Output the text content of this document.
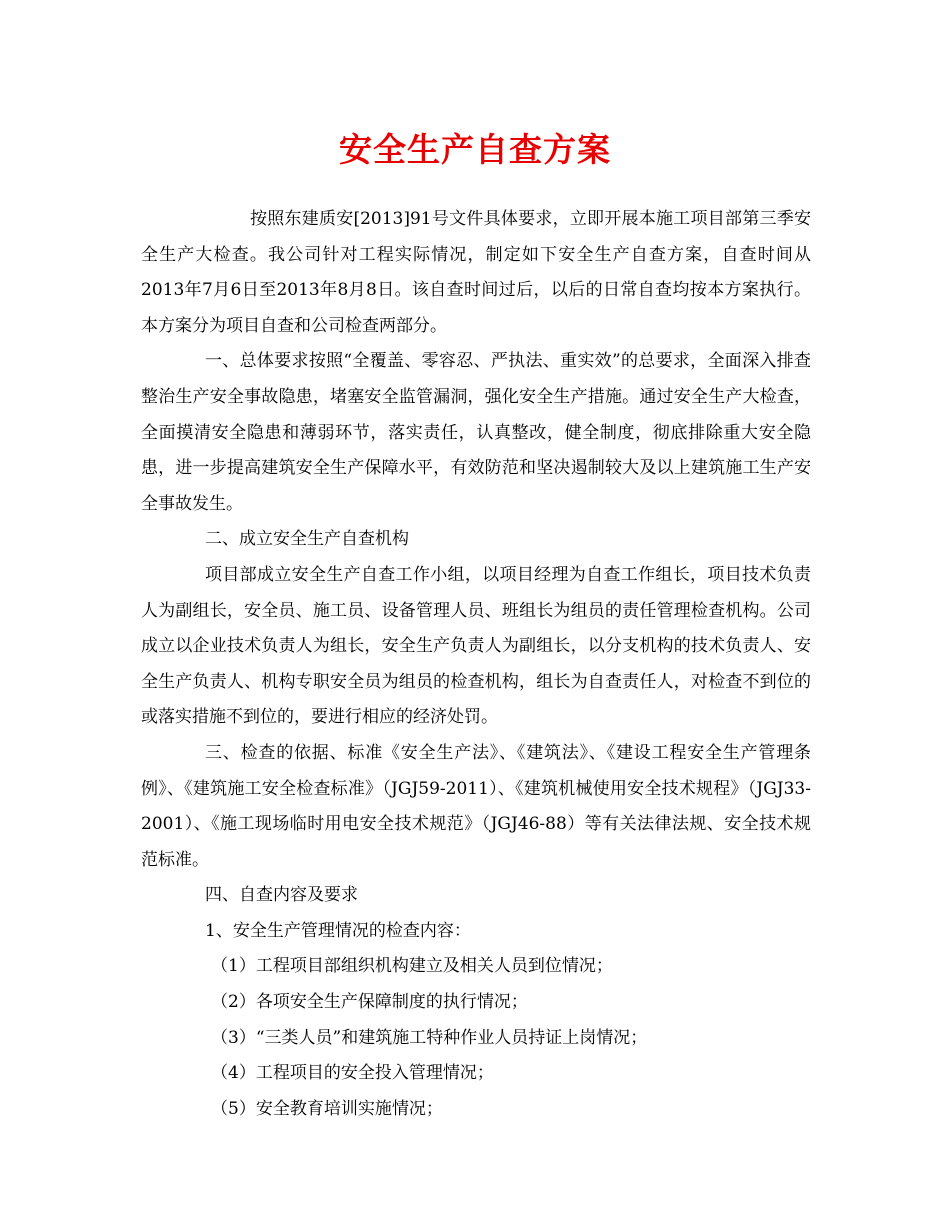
安全生产自查方案

按照东建质安[2013]91号文件具体要求，立即开展本施工项目部第三季安全生产大检查。我公司针对工程实际情况，制定如下安全生产自查方案，自查时间从2013年7月6日至2013年8月8日。该自查时间过后，以后的日常自查均按本方案执行。本方案分为项目自查和公司检查两部分。

一、总体要求按照“全覆盖、零容忍、严执法、重实效”的总要求，全面深入排查整治生产安全事故隐患，堵塞安全监管漏洞，强化安全生产措施。通过安全生产大检查，全面摸清安全隐患和薄弱环节，落实责任，认真整改，健全制度，彻底排除重大安全隐患，进一步提高建筑安全生产保障水平，有效防范和坚决遏制较大及以上建筑施工生产安全事故发生。

二、成立安全生产自查机构

项目部成立安全生产自查工作小组，以项目经理为自查工作组长，项目技术负责人为副组长，安全员、施工员、设备管理人员、班组长为组员的责任管理检查机构。公司成立以企业技术负责人为组长，安全生产负责人为副组长，以分支机构的技术负责人、安全生产负责人、机构专职安全员为组员的检查机构，组长为自查责任人，对检查不到位的或落实措施不到位的，要进行相应的经济处罚。

三、检查的依据、标准《安全生产法》、《建筑法》、《建设工程安全生产管理条例》、《建筑施工安全检查标准》（JGJ59-2011）、《建筑机械使用安全技术规程》（JGJ33-2001）、《施工现场临时用电安全技术规范》（JGJ46-88）等有关法律法规、安全技术规范标准。

四、自查内容及要求

1、安全生产管理情况的检查内容：

（1）工程项目部组织机构建立及相关人员到位情况；

（2）各项安全生产保障制度的执行情况；

（3）“三类人员”和建筑施工特种作业人员持证上岗情况；

（4）工程项目的安全投入管理情况；

（5）安全教育培训实施情况；
